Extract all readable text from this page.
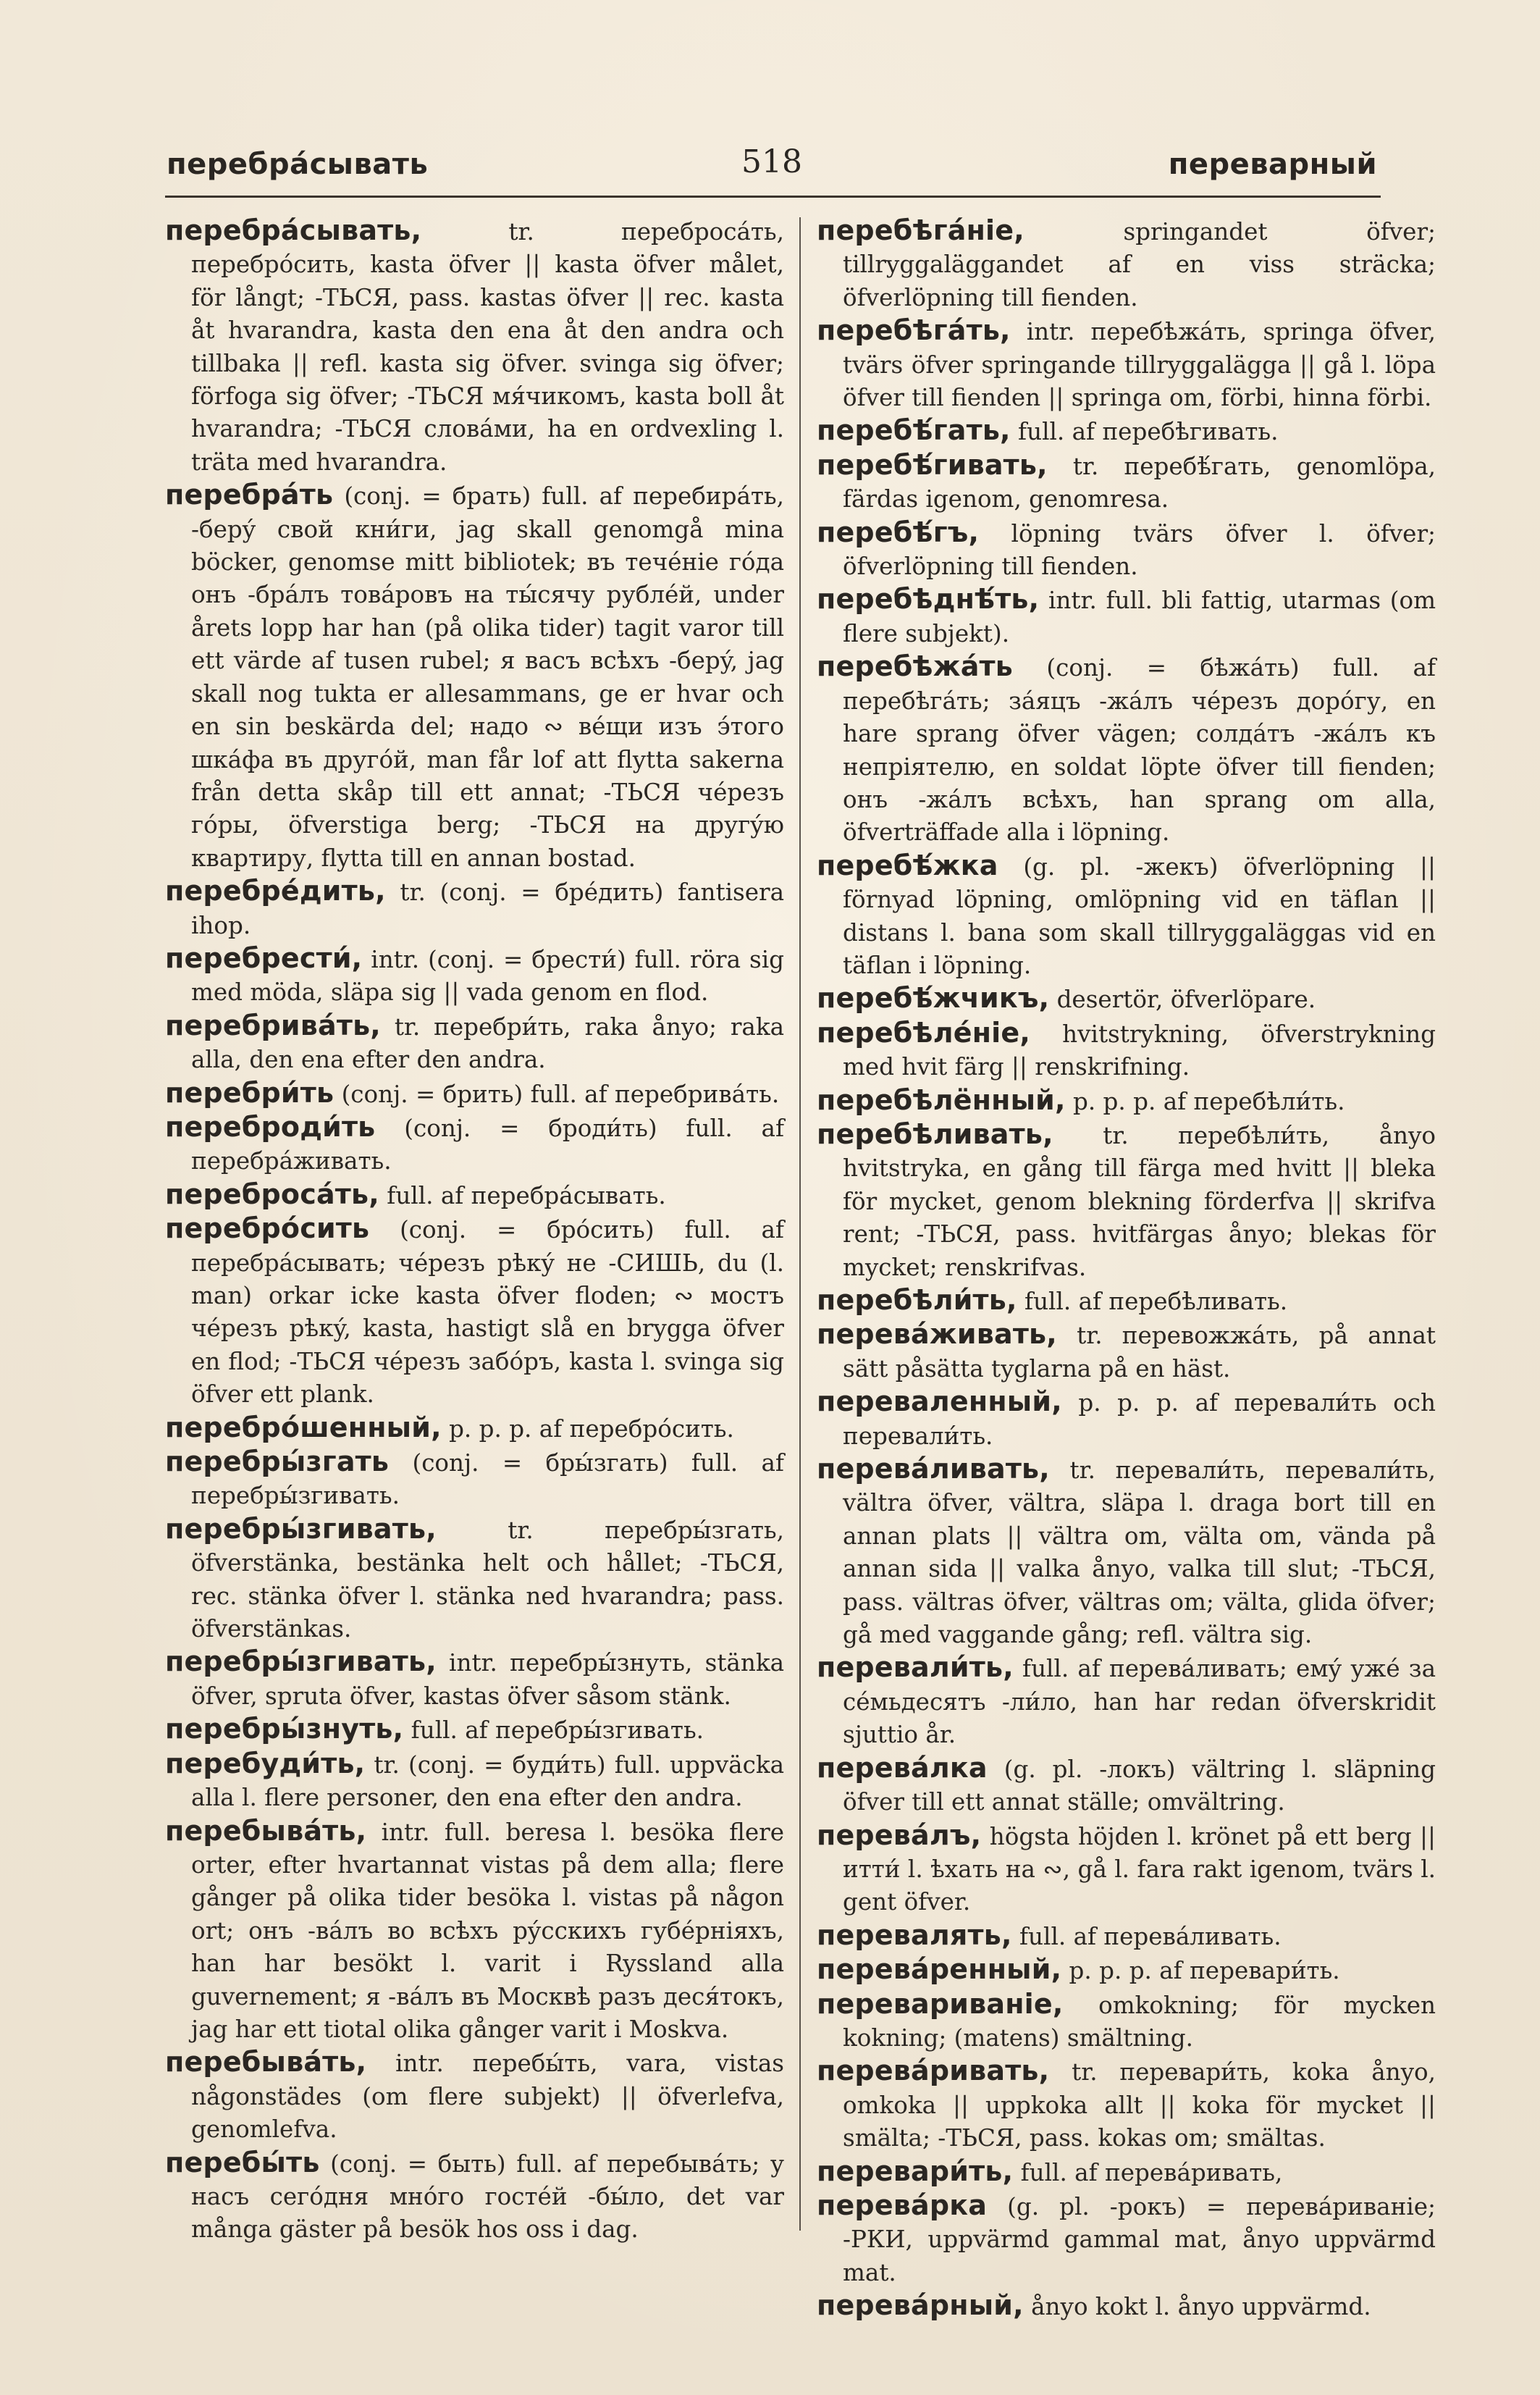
перебрáсывать	518	переварный

перебрáсывать, tr. перебросáть, перебрóсить, kasta öfver || kasta öfver målet, för långt; -ТЬСЯ, pass. kastas öfver || rec. kasta åt hvarandra, kasta den ena åt den andra och tillbaka || refl. kasta sig öfver. svinga sig öfver; förfoga sig öfver; -ТЬСЯ мя́чикомъ, kasta boll åt hvarandra; -ТЬСЯ словáми, ha en ordvexling l. träta med hvarandra.

перебрáть (conj. = брать) full. af перебирáть, -берý свой кни́ги, jag skall genomgå mina böcker, genomse mitt bibliotek; въ течéніе гóда онъ -брáлъ товáровъ на ты́сячу рублéй, under årets lopp har han (på olika tider) tagit varor till ett värde af tusen rubel; я васъ всѣхъ -берý, jag skall nog tukta er allesammans, ge er hvar och en sin beskärda del; надо ∾ вéщи изъ э́того шкáфа въ другóй, man får lof att flytta sakerna från detta skåp till ett annat; -ТЬСЯ чéрезъ гóры, öfverstiga berg; -ТЬСЯ на другýю квартиру, flytta till en annan bostad.

перебрéдить, tr. (conj. = брéдить) fantisera ihop.

перебрести́, intr. (conj. = брести́) full. röra sig med möda, släpa sig || vada genom en flod.

перебривáть, tr. перебри́ть, raka ånyo; raka alla, den ena efter den andra.

перебри́ть (conj. = брить) full. af перебривáть.

переброди́ть (conj. = броди́ть) full. af перебрáживать.

перебросáть, full. af перебрáсывать.

перебрóсить (conj. = брóсить) full. af перебрáсывать; чéрезъ рѣкý не -СИШЬ, du (l. man) orkar icke kasta öfver floden; ∾ мостъ чéрезъ рѣкý, kasta, hastigt slå en brygga öfver en flod; -ТЬСЯ чéрезъ забóръ, kasta l. svinga sig öfver ett plank.

перебрóшенный, p. p. p. af перебрóсить.

перебры́згать (conj. = бры́згать) full. af перебры́згивать.

перебры́згивать, tr. перебры́згать, öfverstänka, bestänka helt och hållet; -ТЬСЯ, rec. stänka öfver l. stänka ned hvarandra; pass. öfverstänkas.

перебры́згивать, intr. перебры́знуть, stänka öfver, spruta öfver, kastas öfver såsom stänk.

перебры́знуть, full. af перебры́згивать.

перебуди́ть, tr. (conj. = буди́ть) full. uppväcka alla l. flere personer, den ena efter den andra.

перебывáть, intr. full. beresa l. besöka flere orter, efter hvartannat vistas på dem alla; flere gånger på olika tider besöka l. vistas på någon ort; онъ -вáлъ во всѣхъ рýсскихъ губéрніяхъ, han har besökt l. varit i Ryssland alla guvernement; я -вáлъ въ Москвѣ разъ деся́токъ, jag har ett tiotal olika gånger varit i Moskva.

перебывáть, intr. перебы́ть, vara, vistas någonstädes (om flere subjekt) || öfverlefva, genomlefva.

перебы́ть (conj. = быть) full. af перебывáть; у насъ сегóдня мнóго гостéй -бы́ло, det var många gäster på besök hos oss i dag.

перебѣгáніе, springandet öfver; tillryggaläggandet af en viss sträcka; öfverlöpning till fienden.

перебѣгáть, intr. перебѣжáть, springa öfver, tvärs öfver springande tillryggalägga || gå l. löpa öfver till fienden || springa om, förbi, hinna förbi.

перебѣ́гать, full. af перебѣгивать.

перебѣ́гивать, tr. перебѣ́гать, genomlöpa, färdas igenom, genomresa.

перебѣ́гъ, löpning tvärs öfver l. öfver; öfverlöpning till fienden.

перебѣднѣ́ть, intr. full. bli fattig, utarmas (om flere subjekt).

перебѣжáть (conj. = бѣжáть) full. af перебѣгáть; зáяцъ -жáлъ чéрезъ дорóгу, en hare sprang öfver vägen; солдáтъ -жáлъ къ непріятелю, en soldat löpte öfver till fienden; онъ -жáлъ всѣхъ, han sprang om alla, öfverträffade alla i löpning.

перебѣ́жка (g. pl. -жекъ) öfverlöpning || förnyad löpning, omlöpning vid en täflan || distans l. bana som skall tillryggaläggas vid en täflan i löpning.

перебѣ́жчикъ, desertör, öfverlöpare.

перебѣлéніе, hvitstrykning, öfverstrykning med hvit färg || renskrifning.

перебѣлённый, p. p. p. af перебѣли́ть.

перебѣливать, tr. перебѣли́ть, ånyo hvitstryka, en gång till färga med hvitt || bleka för mycket, genom blekning förderfva || skrifva rent; -ТЬСЯ, pass. hvitfärgas ånyo; blekas för mycket; renskrifvas.

перебѣли́ть, full. af перебѣливать.

перевáживать, tr. перевожжáть, på annat sätt påsätta tyglarna på en häst.

переваленный, p. p. p. af перевали́ть och перевали́ть.

перевáливать, tr. перевали́ть, перевали́ть, vältra öfver, vältra, släpa l. draga bort till en annan plats || vältra om, välta om, vända på annan sida || valka ånyo, valka till slut; -ТЬСЯ, pass. vältras öfver, vältras om; välta, glida öfver; gå med vaggande gång; refl. vältra sig.

перевали́ть, full. af перевáливать; емý ужé за сéмьдесятъ -ли́ло, han har redan öfverskridit sjuttio år.

перевáлка (g. pl. -локъ) vältring l. släpning öfver till ett annat ställe; omvältring.

перевáлъ, högsta höjden l. krönet på ett berg || итти́ l. ѣхать на ∾, gå l. fara rakt igenom, tvärs l. gent öfver.

перевалять, full. af перевáливать.

перевáренный, p. p. p. af перевари́ть.

переваривaніе, omkokning; för mycken kokning; (matens) smältning.

перевáривать, tr. перевари́ть, koka ånyo, omkoka || uppkoka allt || koka för mycket || smälta; -ТЬСЯ, pass. kokas om; smältas.

перевари́ть, full. af перевáривать,

перевáрка (g. pl. -рокъ) = перевáриваніе; -РКИ, uppvärmd gammal mat, ånyo uppvärmd mat.

перевáрный, ånyo kokt l. ånyo uppvärmd.
